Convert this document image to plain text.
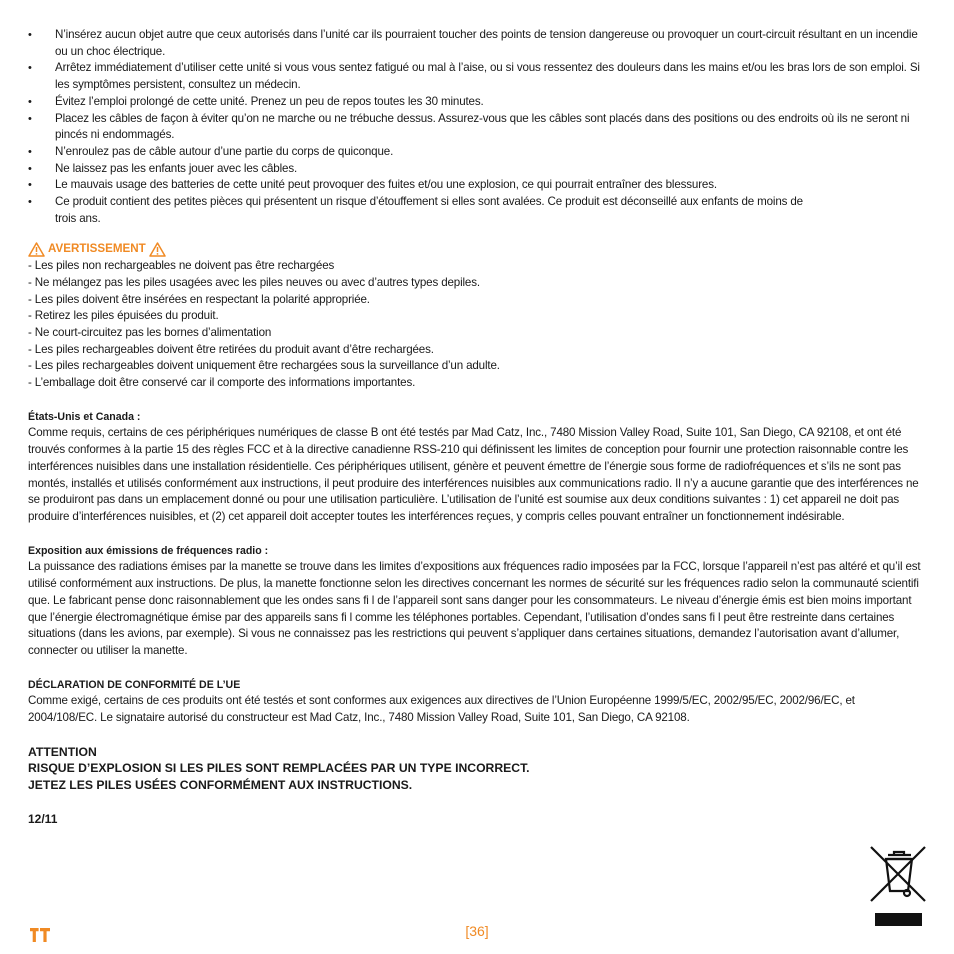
• N’insérez aucun objet autre que ceux autorisés dans l’unité car ils pourraient toucher des points de tension dangereuse ou provoquer un court-circuit résultant en un incendie ou un choc électrique.
• Arrêtez immédiatement d’utiliser cette unité si vous vous sentez fatigué ou mal à l’aise, ou si vous ressentez des douleurs dans les mains et/ou les bras lors de son emploi. Si les symptômes persistent, consultez un médecin.
• Évitez l’emploi prolongé de cette unité. Prenez un peu de repos toutes les 30 minutes.
• Placez les câbles de façon à éviter qu’on ne marche ou ne trébuche dessus. Assurez-vous que les câbles sont placés dans des positions ou des endroits où ils ne seront ni pincés ni endommagés.
• N’enroulez pas de câble autour d’une partie du corps de quiconque.
• Ne laissez pas les enfants jouer avec les câbles.
• Le mauvais usage des batteries de cette unité peut provoquer des fuites et/ou une explosion, ce qui pourrait entraîner des blessures.
• Ce produit contient des petites pièces qui présentent un risque d’étouffement si elles sont avalées. Ce produit est déconseillé aux enfants de moins de trois ans.
AVERTISSEMENT
- Les piles non rechargeables ne doivent pas être rechargées
- Ne mélangez pas les piles usagées avec les piles neuves ou avec d’autres types depiles.
- Les piles doivent être insérées en respectant la polarité appropriée.
- Retirez les piles épuisées du produit.
- Ne court-circuitez pas les bornes d’alimentation
- Les piles rechargeables doivent être retirées du produit avant d’être rechargées.
- Les piles rechargeables doivent uniquement être rechargées sous la surveillance d’un adulte.
- L’emballage doit être conservé car il comporte des informations importantes.
États-Unis et Canada :

Comme requis, certains de ces périphériques numériques de classe B ont été testés par Mad Catz, Inc., 7480 Mission Valley Road, Suite 101, San Diego, CA 92108, et ont été trouvés conformes à la partie 15 des règles FCC et à la directive canadienne RSS-210 qui définissent les limites de conception pour fournir une protection raisonnable contre les interférences nuisibles dans une installation résidentielle. Ces périphériques utilisent, génère et peuvent émettre de l’énergie sous forme de radiofréquences et s’ils ne sont pas montés, installés et utilisés conformément aux instructions, il peut produire des interférences nuisibles aux communications radio. Il n’y a aucune garantie que des interférences ne se produiront pas dans un emplacement donné ou pour une utilisation particulière. L’utilisation de l’unité est soumise aux deux conditions suivantes : 1) cet appareil ne doit pas produire d’interférences nuisibles, et (2) cet appareil doit accepter toutes les interférences reçues, y compris celles pouvant entraîner un fonctionnement indésirable.

Exposition aux émissions de fréquences radio :

La puissance des radiations émises par la manette se trouve dans les limites d’expositions aux fréquences radio imposées par la FCC, lorsque l’appareil n’est pas altéré et qu’il est utilisé conformément aux instructions. De plus, la manette fonctionne selon les directives concernant les normes de sécurité sur les fréquences radio selon la communauté scientifi que. Le fabricant pense donc raisonnablement que les ondes sans fi l de l’appareil sont sans danger pour les consommateurs. Le niveau d’énergie émis est bien moins important que l’énergie électromagnétique émise par des appareils sans fi l comme les téléphones portables. Cependant, l’utilisation d’ondes sans fi l peut être restreinte dans certaines situations (dans les avions, par exemple). Si vous ne connaissez pas les restrictions qui peuvent s’appliquer dans certaines situations, demandez l’autorisation avant d’allumer, connecter ou utiliser la manette.

DÉCLARATION DE CONFORMITÉ DE L’UE

Comme exigé, certains de ces produits ont été testés et sont conformes aux exigences aux directives de l’Union Européenne 1999/5/EC, 2002/95/EC, 2002/96/EC, et 2004/108/EC. Le signataire autorisé du constructeur est Mad Catz, Inc., 7480 Mission Valley Road, Suite 101, San Diego, CA 92108.

ATTENTION
RISQUE D’EXPLOSION SI LES PILES SONT REMPLACÉES PAR UN TYPE INCORRECT.
JETEZ LES PILES USÉES CONFORMÉMENT AUX INSTRUCTIONS.
12/11
[36]
